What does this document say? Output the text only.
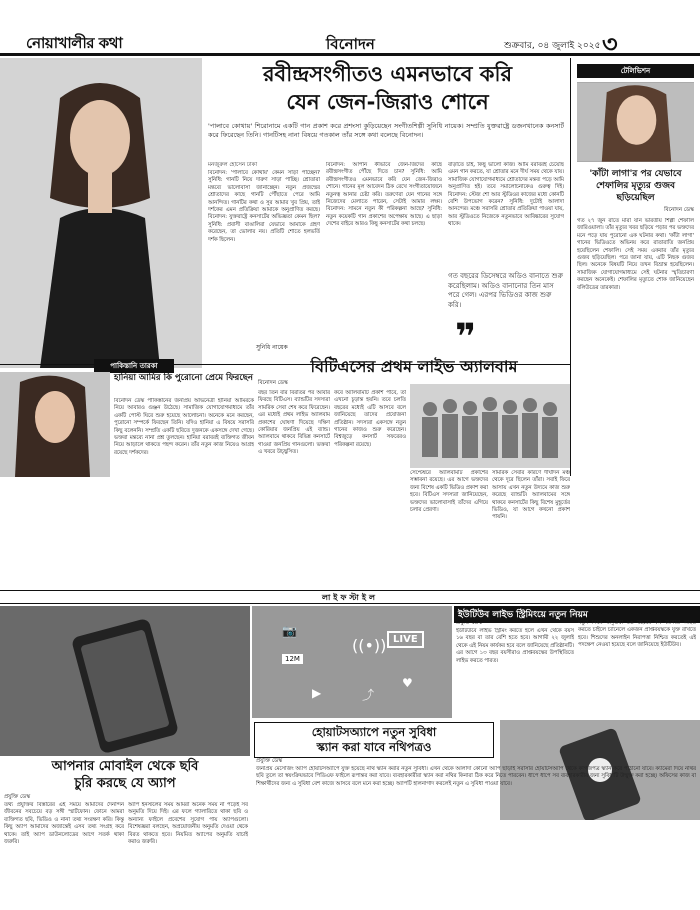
নোয়াখালীর কথা	বিনোদন	শুক্রবার, ০৪ জুলাই ২০২৫ ৩
রবীন্দ্রসংগীতও এমনভাবে করি
যেন জেন-জিরাও শোনে
'পালাবে কোথায়' শিরোনামে একটি গান প্রকাশ করে প্রশংসা কুড়িয়েছেন সংগীতশিল্পী সুনিধি নায়েক। সম্প্রতি যুক্তরাষ্ট্রে ডজনখানেক কনসার্ট করে ফিরেছেন তিনি। গানটিসহ নানা বিষয়ে গতকাল তাঁর সঙ্গে কথা বলেছে বিনোদন।
মনজুরুল হোসেন ঢাকা
বিনোদন: 'পালাবে কোথায়' কেমন সাড়া পাচ্ছেন? সুনিধি: গানটি নিয়ে দারুণ সাড়া পাচ্ছি। শ্রোতারা মন্তব্যে ভালোবাসা জানাচ্ছেন। নতুন প্রজন্মের শ্রোতাদের কাছে গানটি পৌঁছাতে পেরে আমি আনন্দিত। গানটির কথা ও সুর আমার খুব প্রিয়, তাই দর্শকের এমন প্রতিক্রিয়া আমাকে অনুপ্রাণিত করছে। বিনোদন: যুক্তরাষ্ট্রে কনসার্টের অভিজ্ঞতা কেমন ছিল? সুনিধি: প্রবাসী বাঙালিরা যেভাবে আমাকে গ্রহণ করেছেন, তা ভোলার নয়। প্রতিটি শোতে হলভর্তি দর্শক ছিলেন।
বিনোদন: আপনি কীভাবে জেন-জিদের কাছে রবীন্দ্রসংগীত পৌঁছে দিতে চান? সুনিধি: আমি রবীন্দ্রসংগীতও এমনভাবে করি যেন জেন-জিরাও শোনে। গানের মূল আবেদন ঠিক রেখে সংগীতায়োজনে নতুনত্ব আনার চেষ্টা করি। তরুণেরা যেন গানের সঙ্গে নিজেদের মেলাতে পারেন, সেটাই আমার লক্ষ্য। বিনোদন: সামনে নতুন কী পরিকল্পনা আছে? সুনিধি: নতুন কয়েকটি গান প্রকাশের অপেক্ষায় আছে। এ ছাড়া দেশের বাইরে আরও কিছু কনসার্টের কথা চলছে।
বাড়াতে চাই, কিছু ভালো কাজ। আমি বরাবরই চেয়েছি এমন গান করতে, যা শ্রোতার মনে দীর্ঘ সময় থেকে যায়। সামাজিক যোগাযোগমাধ্যমে শ্রোতাদের মন্তব্য পড়ে আমি অনুপ্রাণিত হই। তবে সমালোচনাকেও গুরুত্ব দিই। বিনোদন: স্টেজ শো আর স্টুডিওর কাজের মধ্যে কোনটি বেশি উপভোগ করেন? সুনিধি: দুটোই আলাদা আনন্দের। মঞ্চে সরাসরি শ্রোতার প্রতিক্রিয়া পাওয়া যায়, আর স্টুডিওতে নিজেকে নতুনভাবে আবিষ্কারের সুযোগ থাকে।
গত বছরের ডিসেম্বরে অডিও বানাতে শুরু করেছিলাম। অডিও বানানোর তিন মাস পরে গেল। এরপর ভিডিওর কাজ শুরু করি।
❞
সুনিধি নায়েক
টেলিভিশন
'কাঁটা লাগা'র পর যেভাবে শেফালির মৃত্যুর গুজব ছড়িয়েছিল
বিনোদন ডেস্ক
গত ২৭ জুন রাতে মারা যান ভারতীয় শিল্পী শেফালি জারিওয়ালা। তাঁর মৃত্যুর খবর ছড়িয়ে পড়ার পর ভক্তদের মনে পড়ে যায় পুরোনো এক ঘটনার কথা। 'কাঁটা লাগা' গানের ভিডিওতে অভিনয় করে রাতারাতি জনপ্রিয় হয়েছিলেন শেফালি। সেই সময় একবার তাঁর মৃত্যুর গুজব ছড়িয়েছিল। পরে জানা যায়, এটি নিছক গুজব ছিল। অনেকে বিষয়টি নিয়ে তখন বিভ্রান্ত হয়েছিলেন। সামাজিক যোগাযোগমাধ্যমে সেই ঘটনার স্মৃতিচারণা করছেন অনেকেই। শেফালির মৃত্যুতে শোক জানিয়েছেন বলিউডের তারকারা।
পাকিস্তানি তারকা
হানিয়া আমির কি পুরোনো প্রেমে ফিরছেন
বিনোদন ডেস্ক পাকিস্তানের জনপ্রিয় অভিনেত্রী হানিয়া আমিরকে নিয়ে আবারও গুঞ্জন উঠেছে। সামাজিক যোগাযোগমাধ্যমে তাঁর একটি পোস্ট ঘিরে শুরু হয়েছে আলোচনা। অনেকে মনে করছেন, পুরোনো সম্পর্কে ফিরছেন তিনি। যদিও হানিয়া এ বিষয়ে সরাসরি কিছু বলেননি। সম্প্রতি একটি ছবিতে দুজনকে একসঙ্গে দেখা গেছে। ভক্তরা মন্তব্যে নানা প্রশ্ন তুলছেন। হানিয়া বরাবরই ব্যক্তিগত জীবন নিয়ে আড়ালে থাকতে পছন্দ করেন। তাঁর নতুন কাজ নিয়েও আগ্রহ রয়েছে দর্শকদের।
বিটিএসের প্রথম লাইভ অ্যালবাম
বিনোদন ডেস্ক
বছর তিন বার বিরতির পর আবার ফিরছে বিটিএস। ব্যান্ডটির সদস্যরা সামরিক সেবা শেষ করে ফিরেছেন। এর মধ্যেই প্রথম লাইভ অ্যালবাম প্রকাশের ঘোষণা দিয়েছে দক্ষিণ কোরিয়ার জনপ্রিয় এই ব্যান্ড। অ্যালবামে থাকবে বিভিন্ন কনসার্টে গাওয়া জনপ্রিয় গানগুলো। ভক্তরা এ খবরে উচ্ছ্বসিত।
কবে অ্যালবামটি প্রকাশ পাবে, তা এখনো চূড়ান্ত হয়নি। তবে চলতি বছরের মধ্যেই এটি আসবে বলে জানিয়েছে তাদের প্রযোজনা প্রতিষ্ঠান। সদস্যরা একসঙ্গে নতুন গানের কাজও শুরু করেছেন। বিশ্বজুড়ে কনসার্ট সফরেরও পরিকল্পনা রয়েছে।
সেপ্টেম্বরে অ্যালবামটি প্রকাশের সম্ভাবনা রয়েছে। এর আগে ভক্তদের জন্য বিশেষ একটি ভিডিও প্রকাশ করা হবে। বিটিএস সদস্যরা জানিয়েছেন, ভক্তদের ভালোবাসাই তাঁদের এগিয়ে চলার প্রেরণা।
সামরিক সেবার কারণে দীর্ঘদিন মঞ্চ থেকে দূরে ছিলেন তাঁরা। সবাই ফিরে আসায় এখন নতুন উদ্যমে কাজ শুরু করেছে ব্যান্ডটি। অ্যালবামের সঙ্গে থাকবে কনসার্টের কিছু বিশেষ মুহূর্তের ভিডিও, যা আগে কখনো প্রকাশ পায়নি।
লাইফস্টাইল
12M
LIVE
((•))
📷
♥
⤴
▶
ইউটিউব লাইভ স্ট্রিমিংয়ে নতুন নিয়ম
প্রযুক্তি ডেস্ক
ইউটিউবে লাইভ স্ট্রিমিং করতে হলে এখন থেকে বয়স ১৬ বছর বা তার বেশি হতে হবে। আগামী ২২ জুলাই থেকে এই নিয়ম কার্যকর হবে বলে জানিয়েছে প্রতিষ্ঠানটি। এর আগে ১৩ বছর বয়সীরাও প্রাপ্তবয়স্কের উপস্থিতিতে লাইভ করতে পারত।
নতুন নিয়ম অনুযায়ী ১৬ বছরের কম বয়সীরা লাইভ করতে চাইলে চ্যানেলে একজন প্রাপ্তবয়স্ককে যুক্ত রাখতে হবে। শিশুদের অনলাইন নিরাপত্তা নিশ্চিত করতেই এই পদক্ষেপ নেওয়া হয়েছে বলে জানিয়েছে ইউটিউব।
আপনার মোবাইল থেকে ছবি
চুরি করছে যে অ্যাপ
প্রযুক্তি ডেস্ক
তথ্য প্রযুক্তির বিস্তারের এই সময়ে আমাদের দৈনন্দিন জীবনের সবচেয়ে বড় সঙ্গী স্মার্টফোন। ফোনে আমরা ব্যক্তিগত ছবি, ভিডিও ও নানা তথ্য সংরক্ষণ করি। কিন্তু কিছু অ্যাপ আমাদের অজান্তেই এসব তথ্য সংগ্রহ করে থাকে। তাই অ্যাপ ডাউনলোডের আগে সতর্ক থাকা জরুরি।
অ্যাপ ইনস্টলের সময় আমরা অনেক সময় না পড়েই সব অনুমতি দিয়ে দিই। এর ফলে গ্যালারিতে থাকা ছবি ও অন্যান্য ফাইলে প্রবেশের সুযোগ পায় অ্যাপগুলো। বিশেষজ্ঞরা বলছেন, অপ্রয়োজনীয় অনুমতি দেওয়া থেকে বিরত থাকতে হবে। নিয়মিত অ্যাপের অনুমতি যাচাই করাও জরুরি।
হোয়াটসঅ্যাপে নতুন সুবিধা
স্ক্যান করা যাবে নথিপত্রও
প্রযুক্তি ডেস্ক
জনপ্রিয় মেসেজিং অ্যাপ হোয়াটসঅ্যাপে যুক্ত হয়েছে নথি স্ক্যান করার নতুন সুবিধা। এখন থেকে আলাদা কোনো অ্যাপ ছাড়াই সরাসরি হোয়াটসঅ্যাপ থেকে কাগজপত্র স্ক্যান করে পাঠানো যাবে। ক্যামেরা দিয়ে নথির ছবি তুলে তা স্বয়ংক্রিয়ভাবে পিডিএফ ফাইলে রূপান্তর করা যাবে। ব্যবহারকারীরা স্ক্যান করা নথির কিনারা ঠিক করে নিতে পারবেন। ধাপে ধাপে সব ব্যবহারকারীর জন্য সুবিধাটি উন্মুক্ত করা হচ্ছে। অফিসের কাজ বা শিক্ষার্থীদের জন্য এ সুবিধা বেশ কাজে আসবে বলে মনে করা হচ্ছে। অ্যাপটি হালনাগাদ করলেই নতুন এ সুবিধা পাওয়া যাবে।
